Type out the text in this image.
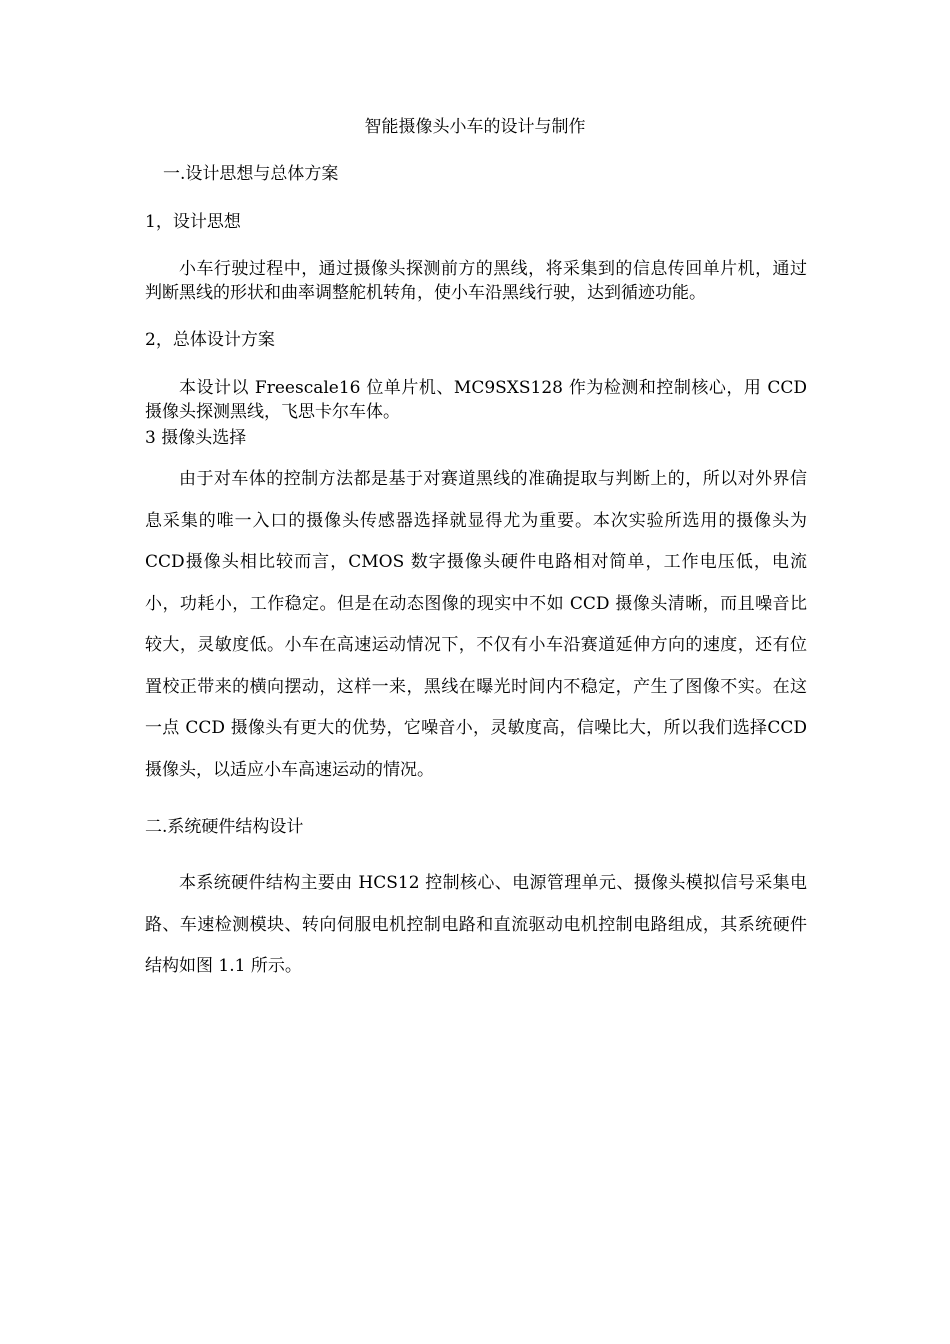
智能摄像头小车的设计与制作

一.设计思想与总体方案

1，设计思想

小车行驶过程中，通过摄像头探测前方的黑线，将采集到的信息传回单片机，通过判断黑线的形状和曲率调整舵机转角，使小车沿黑线行驶，达到循迹功能。

2，总体设计方案

本设计以 Freescale16 位单片机、MC9SXS128 作为检测和控制核心，用 CCD 摄像头探测黑线，飞思卡尔车体。

3 摄像头选择

由于对车体的控制方法都是基于对赛道黑线的准确提取与判断上的，所以对外界信息采集的唯一入口的摄像头传感器选择就显得尤为重要。本次实验所选用的摄像头为CCD摄像头相比较而言，CMOS 数字摄像头硬件电路相对简单，工作电压低，电流小，功耗小，工作稳定。但是在动态图像的现实中不如 CCD 摄像头清晰，而且噪音比较大，灵敏度低。小车在高速运动情况下，不仅有小车沿赛道延伸方向的速度，还有位置校正带来的横向摆动，这样一来，黑线在曝光时间内不稳定，产生了图像不实。在这一点 CCD 摄像头有更大的优势，它噪音小，灵敏度高，信噪比大，所以我们选择CCD摄像头，以适应小车高速运动的情况。

二.系统硬件结构设计

本系统硬件结构主要由 HCS12 控制核心、电源管理单元、摄像头模拟信号采集电路、车速检测模块、转向伺服电机控制电路和直流驱动电机控制电路组成，其系统硬件结构如图 1.1 所示。
